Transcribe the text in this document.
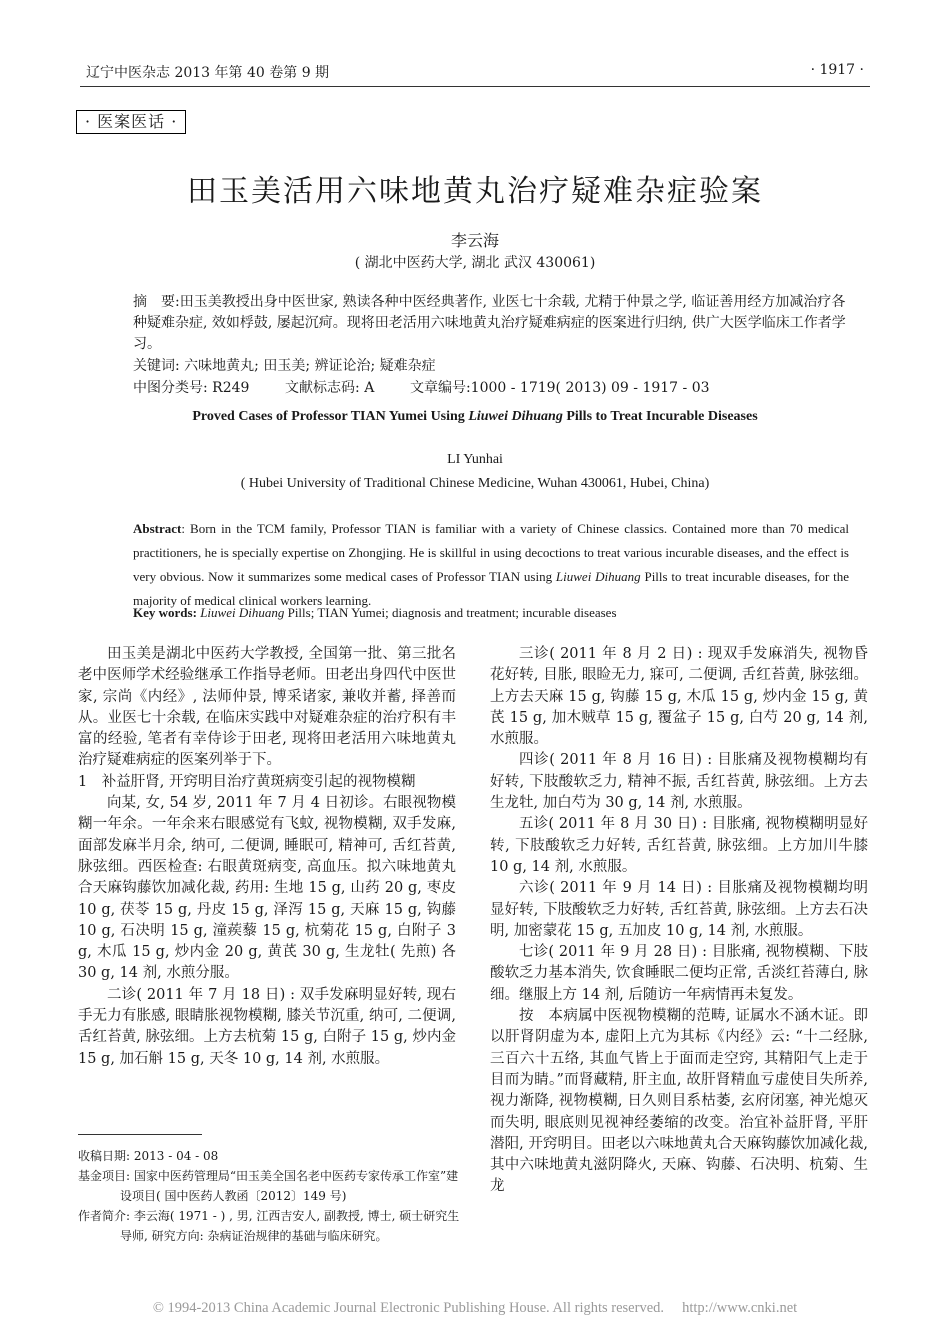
辽宁中医杂志 2013 年第 40 卷第 9 期	· 1917 ·
· 医案医话 ·
田玉美活用六味地黄丸治疗疑难杂症验案
李云海
( 湖北中医药大学, 湖北 武汉 430061)

摘　要:田玉美教授出身中医世家, 熟读各种中医经典著作, 业医七十余载, 尤精于仲景之学, 临证善用经方加减治疗各种疑难杂症, 效如桴鼓, 屡起沉疴。现将田老活用六味地黄丸治疗疑难病症的医案进行归纳, 供广大医学临床工作者学习。

关键词: 六味地黄丸; 田玉美; 辨证论治; 疑难杂症
中图分类号: R249	文献标志码: A	文章编号:1000 - 1719( 2013) 09 - 1917 - 03
Proved Cases of Professor TIAN Yumei Using Liuwei Dihuang Pills to Treat Incurable Diseases
LI Yunhai
( Hubei University of Traditional Chinese Medicine, Wuhan 430061, Hubei, China)
Abstract: Born in the TCM family, Professor TIAN is familiar with a variety of Chinese classics. Contained more than 70 medical practitioners, he is specially expertise on Zhongjing. He is skillful in using decoctions to treat various incurable diseases, and the effect is very obvious. Now it summarizes some medical cases of Professor TIAN using Liuwei Dihuang Pills to treat incurable diseases, for the majority of medical clinical workers learning.
Key words: Liuwei Dihuang Pills; TIAN Yumei; diagnosis and treatment; incurable diseases

田玉美是湖北中医药大学教授, 全国第一批、第三批名老中医师学术经验继承工作指导老师。田老出身四代中医世家, 宗尚《内经》, 法师仲景, 博采诸家, 兼收并蓄, 择善而从。业医七十余载, 在临床实践中对疑难杂症的治疗积有丰富的经验, 笔者有幸侍诊于田老, 现将田老活用六味地黄丸治疗疑难病症的医案列举于下。

1　补益肝肾, 开窍明目治疗黄斑病变引起的视物模糊

向某, 女, 54 岁, 2011 年 7 月 4 日初诊。右眼视物模糊一年余。一年余来右眼感觉有飞蚊, 视物模糊, 双手发麻, 面部发麻半月余, 纳可, 二便调, 睡眠可, 精神可, 舌红苔黄, 脉弦细。西医检查: 右眼黄斑病变, 高血压。拟六味地黄丸合天麻钩藤饮加减化裁, 药用: 生地 15 g, 山药 20 g, 枣皮 10 g, 茯苓 15 g, 丹皮 15 g, 泽泻 15 g, 天麻 15 g, 钩藤 10 g, 石决明 15 g, 潼蒺藜 15 g, 杭菊花 15 g, 白附子 3 g, 木瓜 15 g, 炒内金 20 g, 黄芪 30 g, 生龙牡( 先煎) 各 30 g, 14 剂, 水煎分服。

二诊( 2011 年 7 月 18 日) : 双手发麻明显好转, 现右手无力有胀感, 眼睛胀视物模糊, 膝关节沉重, 纳可, 二便调, 舌红苔黄, 脉弦细。上方去杭菊 15 g, 白附子 15 g, 炒内金 15 g, 加石斛 15 g, 天冬 10 g, 14 剂, 水煎服。

三诊( 2011 年 8 月 2 日) : 现双手发麻消失, 视物昏花好转, 目胀, 眼睑无力, 寐可, 二便调, 舌红苔黄, 脉弦细。上方去天麻 15 g, 钩藤 15 g, 木瓜 15 g, 炒内金 15 g, 黄芪 15 g, 加木贼草 15 g, 覆盆子 15 g, 白芍 20 g, 14 剂, 水煎服。

四诊( 2011 年 8 月 16 日) : 目胀痛及视物模糊均有好转, 下肢酸软乏力, 精神不振, 舌红苔黄, 脉弦细。上方去生龙牡, 加白芍为 30 g, 14 剂, 水煎服。

五诊( 2011 年 8 月 30 日) : 目胀痛, 视物模糊明显好转, 下肢酸软乏力好转, 舌红苔黄, 脉弦细。上方加川牛膝 10 g, 14 剂, 水煎服。

六诊( 2011 年 9 月 14 日) : 目胀痛及视物模糊均明显好转, 下肢酸软乏力好转, 舌红苔黄, 脉弦细。上方去石决明, 加密蒙花 15 g, 五加皮 10 g, 14 剂, 水煎服。

七诊( 2011 年 9 月 28 日) : 目胀痛, 视物模糊、下肢酸软乏力基本消失, 饮食睡眠二便均正常, 舌淡红苔薄白, 脉细。继服上方 14 剂, 后随访一年病情再未复发。

按　本病属中医视物模糊的范畴, 证属水不涵木证。即以肝肾阴虚为本, 虚阳上亢为其标《内经》云: “十二经脉, 三百六十五络, 其血气皆上于面而走空窍, 其精阳气上走于目而为睛。”而肾藏精, 肝主血, 故肝肾精血亏虚使目失所养, 视力渐降, 视物模糊, 日久则目系枯萎, 玄府闭塞, 神光熄灭而失明, 眼底则见视神经萎缩的改变。治宜补益肝肾, 平肝潜阳, 开窍明目。田老以六味地黄丸合天麻钩藤饮加减化裁, 其中六味地黄丸滋阴降火, 天麻、钩藤、石决明、杭菊、生龙

收稿日期: 2013 - 04 - 08

基金项目: 国家中医药管理局“田玉美全国名老中医药专家传承工作室”建设项目( 国中医药人教函〔2012〕149 号)

作者简介: 李云海( 1971 - ) , 男, 江西吉安人, 副教授, 博士, 硕士研究生导师, 研究方向: 杂病证治规律的基础与临床研究。

© 1994-2013 China Academic Journal Electronic Publishing House. All rights reserved.　 http://www.cnki.net
